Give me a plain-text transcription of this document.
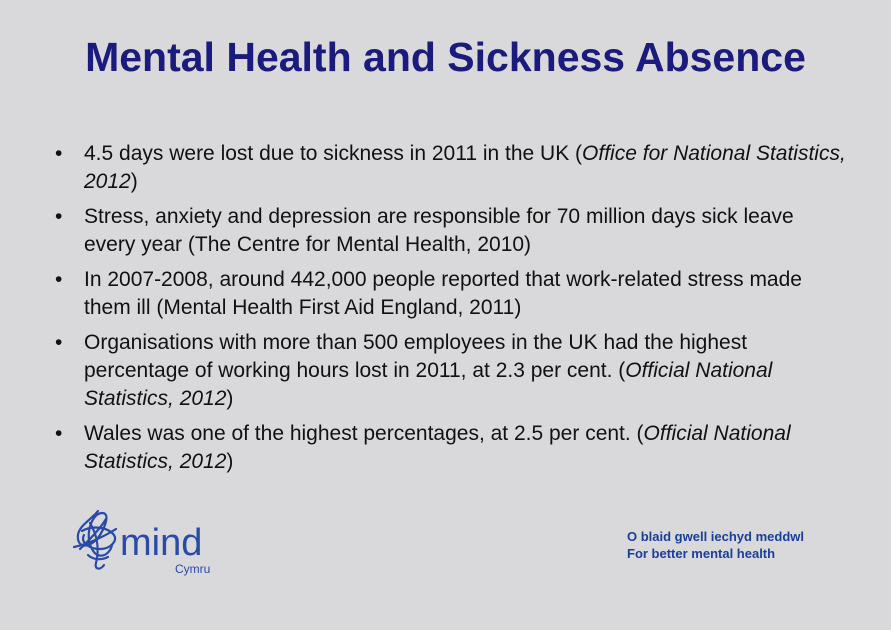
Mental Health and Sickness Absence
• 4.5 days were lost due to sickness in 2011 in the UK (Office for National Statistics, 2012)
• Stress, anxiety and depression are responsible for 70 million days sick leave every year (The Centre for Mental Health, 2010)
• In 2007-2008, around 442,000 people reported that work-related stress made them ill (Mental Health First Aid England, 2011)
• Organisations with more than 500 employees in the UK had the highest percentage of working hours lost in 2011, at 2.3 per cent. (Official National Statistics, 2012)
• Wales was one of the highest percentages, at 2.5 per cent. (Official National Statistics, 2012)
mind
Cymru
O blaid gwell iechyd meddwl
For better mental health
